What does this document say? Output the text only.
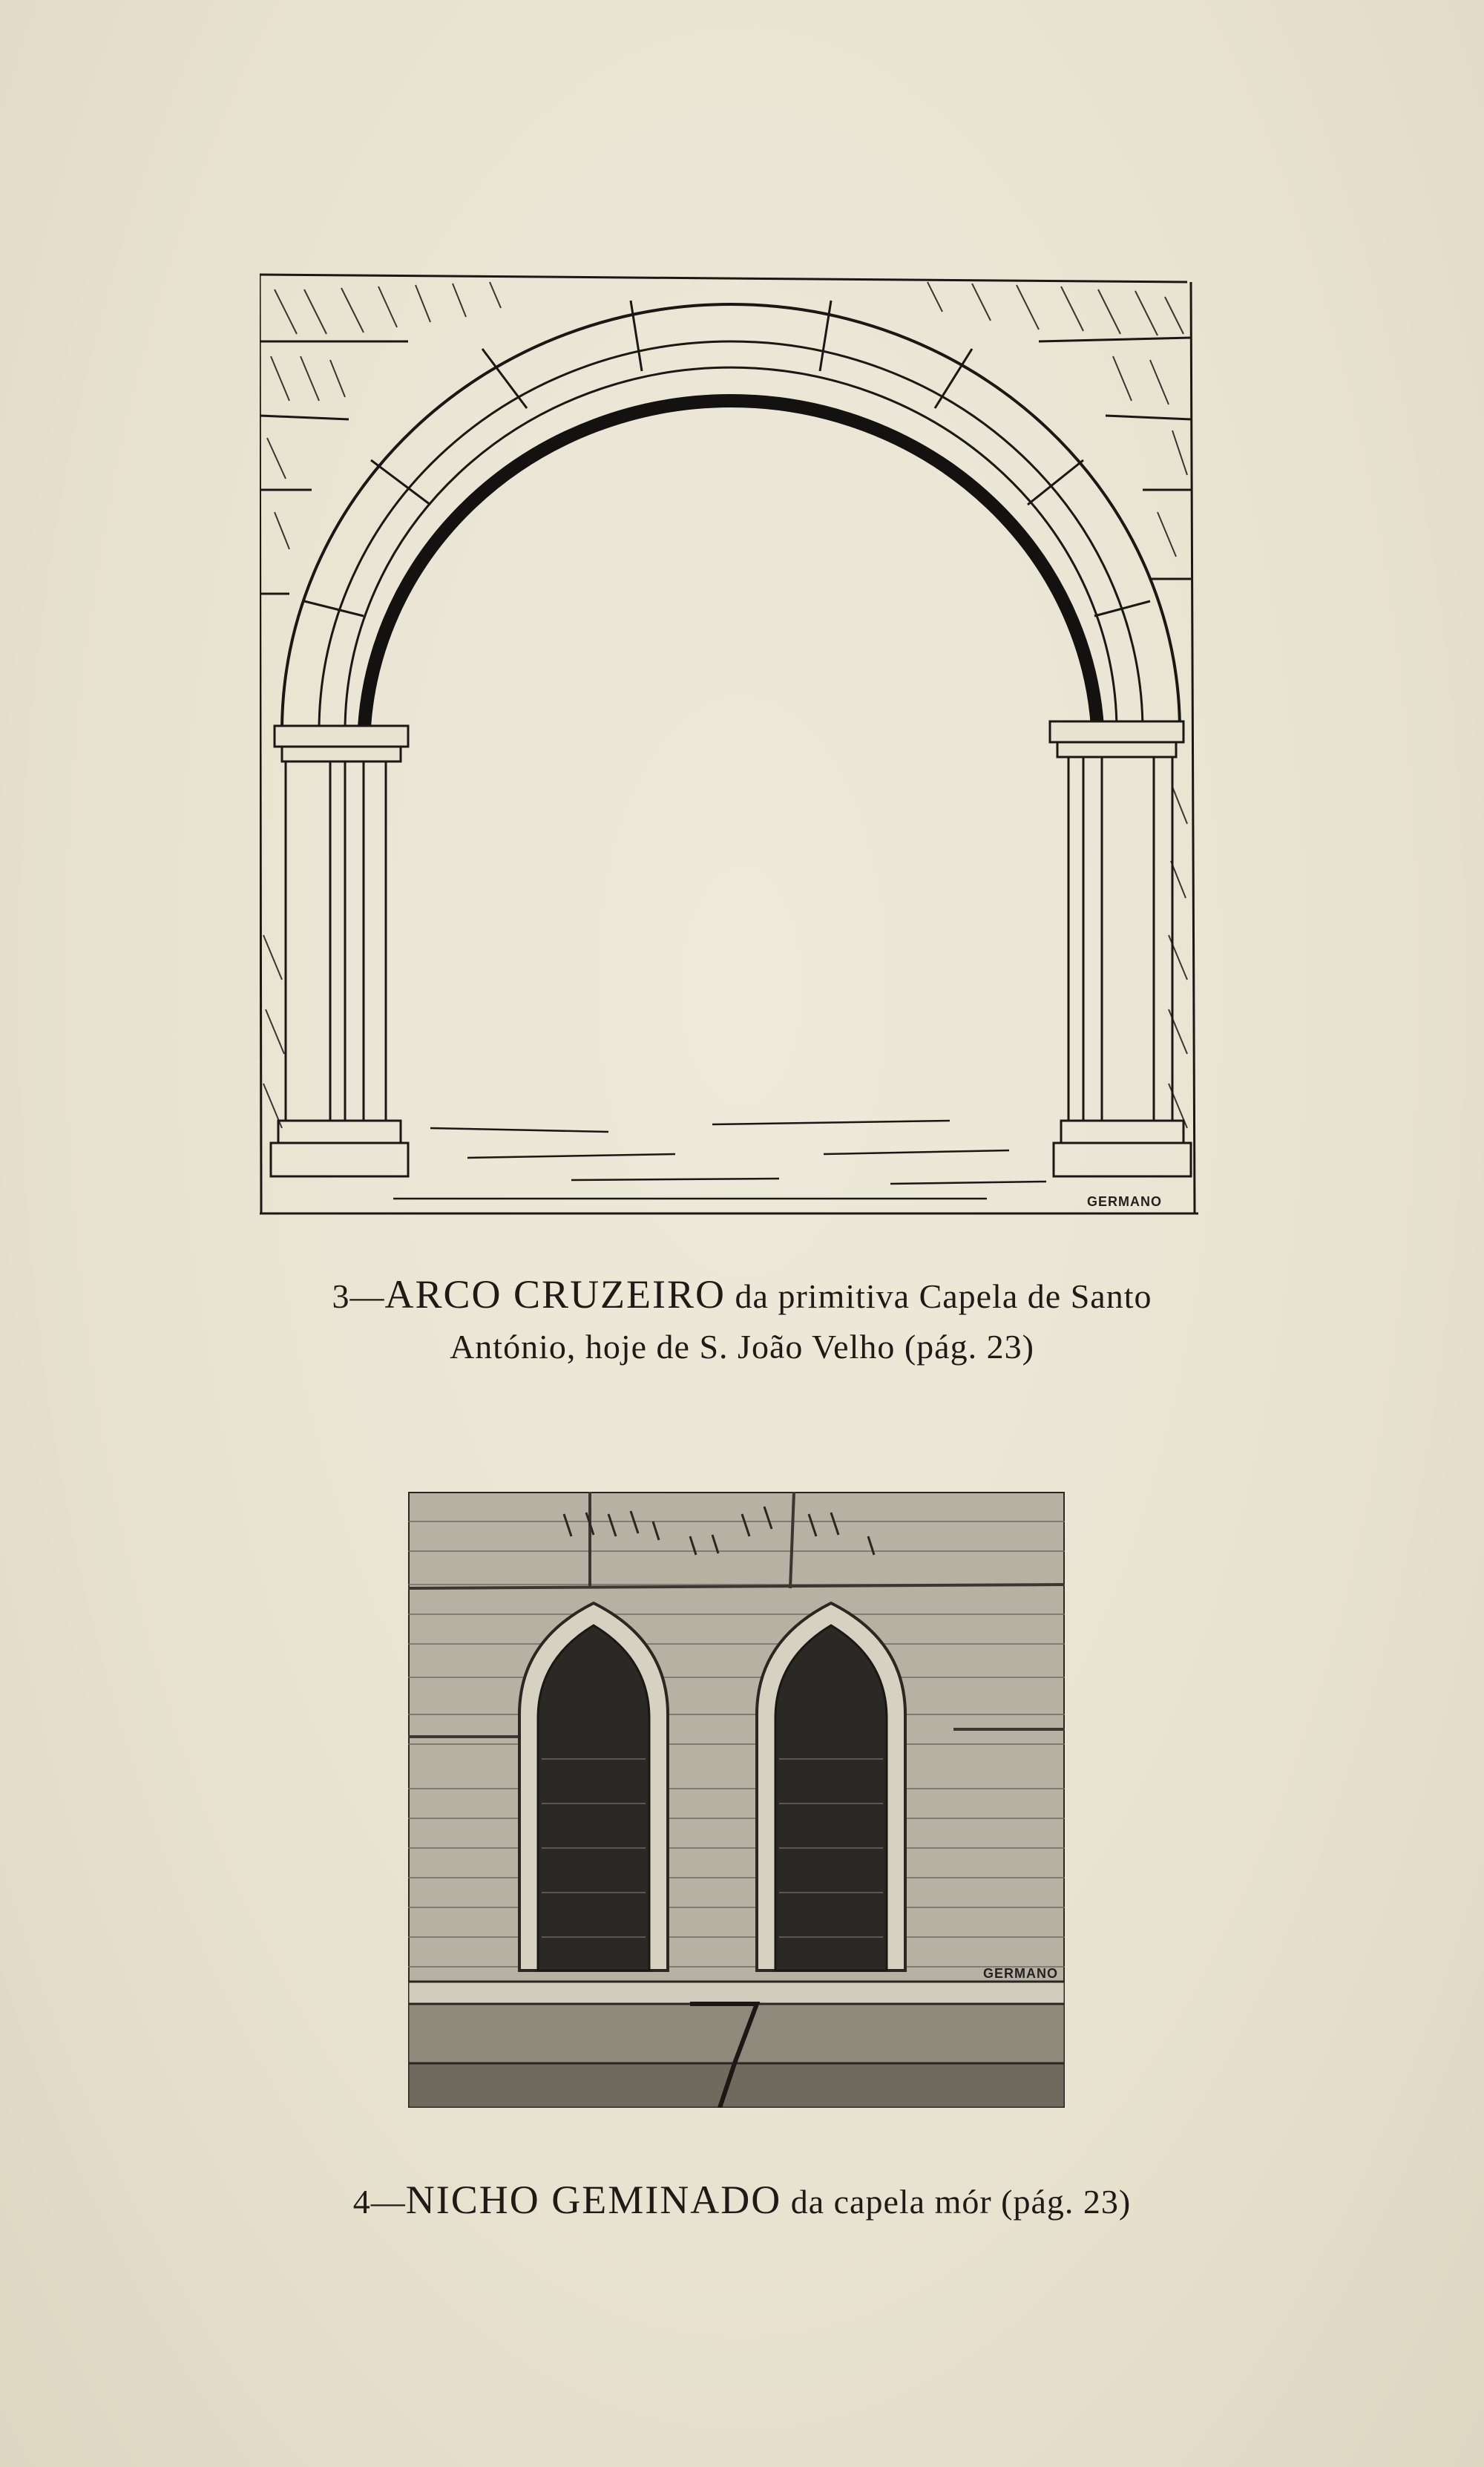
GERMANO
3—ARCO CRUZEIRO da primitiva Capela de Santo
António, hoje de S. João Velho (pág. 23)
GERMANO
4—NICHO GEMINADO da capela mór (pág. 23)
